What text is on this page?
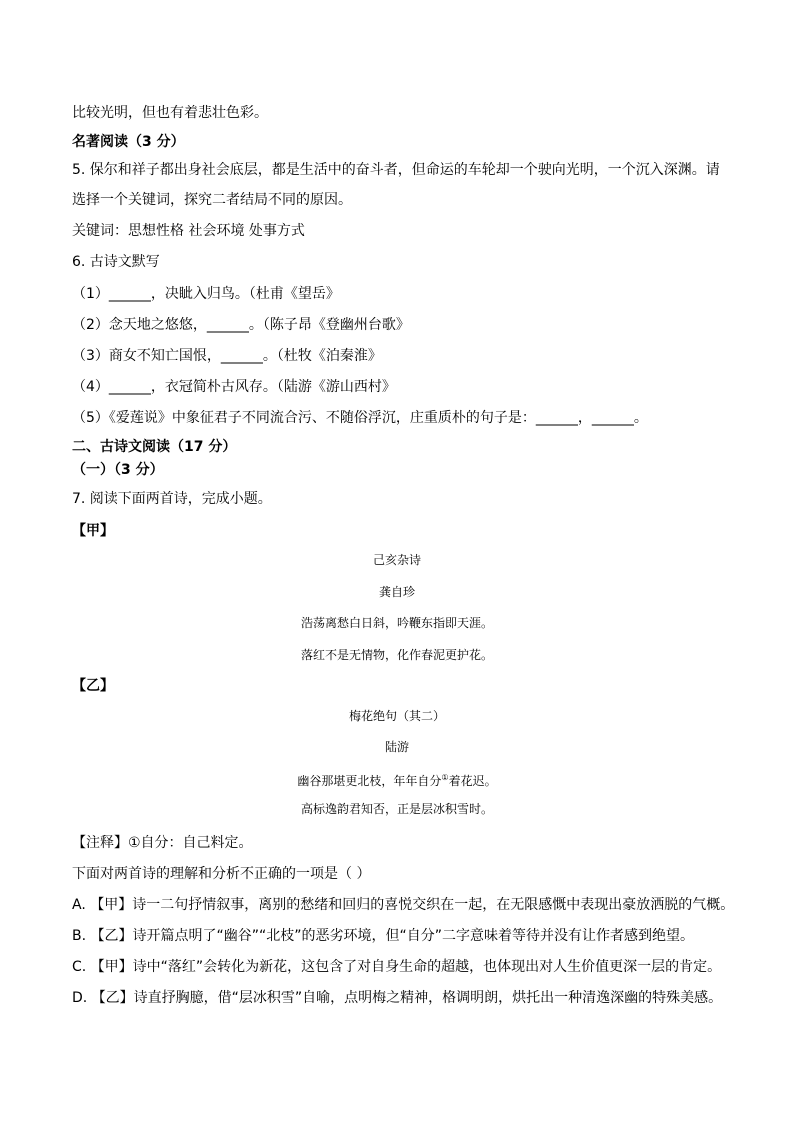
比较光明，但也有着悲壮色彩。
名著阅读（3 分）
5. 保尔和祥子都出身社会底层，都是生活中的奋斗者，但命运的车轮却一个驶向光明，一个沉入深渊。请
选择一个关键词，探究二者结局不同的原因。
关键词：思想性格 社会环境 处事方式
6. 古诗文默写
（1）______，决眦入归鸟。（杜甫《望岳》
（2）念天地之悠悠，______。（陈子昂《登幽州台歌》
（3）商女不知亡国恨，______。（杜牧《泊秦淮》
（4）______，衣冠简朴古风存。（陆游《游山西村》
（5）《爱莲说》中象征君子不同流合污、不随俗浮沉，庄重质朴的句子是：______，______。
二、古诗文阅读（17 分）
（一）（3 分）
7. 阅读下面两首诗，完成小题。
【甲】
己亥杂诗
龚自珍
浩荡离愁白日斜，吟鞭东指即天涯。
落红不是无情物，化作春泥更护花。
【乙】
梅花绝句（其二）
陆游
幽谷那堪更北枝，年年自分①着花迟。
高标逸韵君知否，正是层冰积雪时。
【注释】①自分：自己料定。
下面对两首诗的理解和分析不正确的一项是（ ）
A. 【甲】诗一二句抒情叙事，离别的愁绪和回归的喜悦交织在一起，在无限感慨中表现出豪放洒脱的气概。
B. 【乙】诗开篇点明了“幽谷”“北枝”的恶劣环境，但“自分”二字意味着等待并没有让作者感到绝望。
C. 【甲】诗中“落红”会转化为新花，这包含了对自身生命的超越，也体现出对人生价值更深一层的肯定。
D. 【乙】诗直抒胸臆，借“层冰积雪”自喻，点明梅之精神，格调明朗，烘托出一种清逸深幽的特殊美感。
